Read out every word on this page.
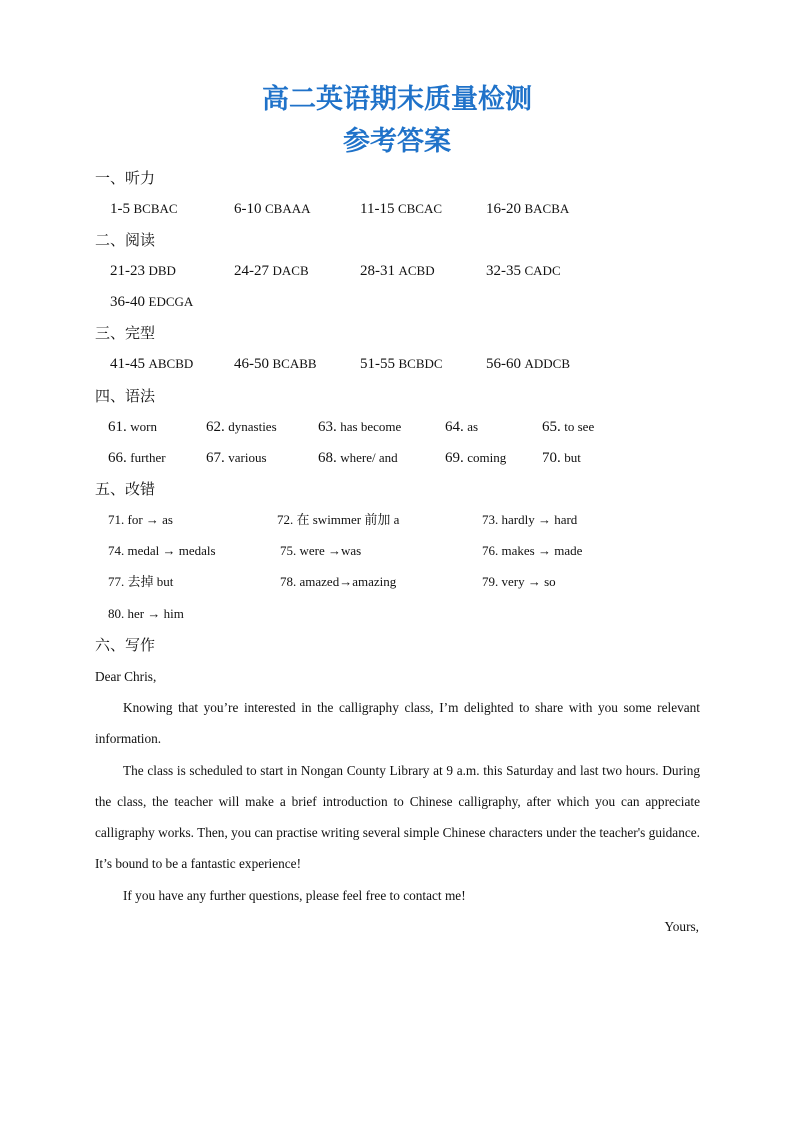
高二英语期末质量检测
参考答案
一、听力
1-5 BCBAC	6-10 CBAAA	11-15 CBCAC	16-20 BACBA
二、阅读
21-23 DBD	24-27 DACB	28-31 ACBD	32-35 CADC
36-40 EDCGA
三、完型
41-45 ABCBD	46-50 BCABB	51-55 BCBDC	56-60 ADDCB
四、语法
61. worn	62. dynasties	63. has become	64. as	65. to see
66. further	67. various	68. where/ and	69. coming 70. but
五、改错
71. for → as	72. 在 swimmer 前加 a	73. hardly → hard
74. medal → medals	75. were →was	76. makes → made
77. 去掉 but	78. amazed→amazing	79. very → so
80. her → him
六、写作
Dear Chris,
Knowing that you’re interested in the calligraphy class, I’m delighted to share with you some relevant information.
The class is scheduled to start in Nongan County Library at 9 a.m. this Saturday and last two hours. During the class, the teacher will make a brief introduction to Chinese calligraphy, after which you can appreciate calligraphy works. Then, you can practise writing several simple Chinese characters under the teacher's guidance. It’s bound to be a fantastic experience!
If you have any further questions, please feel free to contact me!
Yours,
